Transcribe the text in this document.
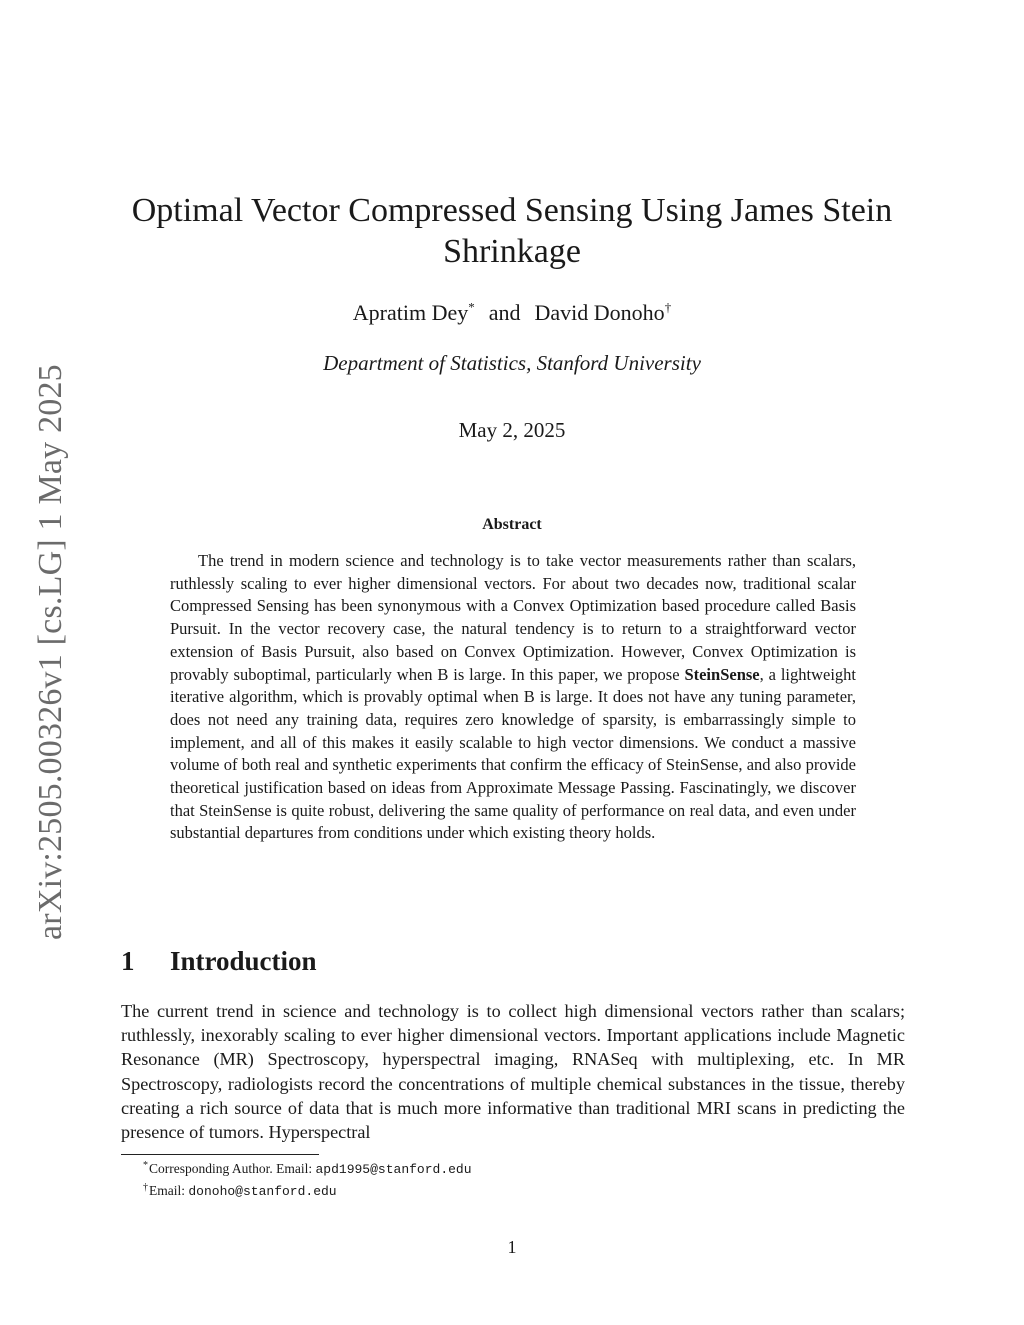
arXiv:2505.00326v1 [cs.LG] 1 May 2025
Optimal Vector Compressed Sensing Using James Stein Shrinkage
Apratim Dey* and David Donoho†
Department of Statistics, Stanford University
May 2, 2025
Abstract

The trend in modern science and technology is to take vector measurements rather than scalars, ruthlessly scaling to ever higher dimensional vectors. For about two decades now, traditional scalar Compressed Sensing has been synonymous with a Convex Optimization based procedure called Basis Pursuit. In the vector recovery case, the natural tendency is to return to a straightforward vector extension of Basis Pursuit, also based on Convex Optimization. However, Convex Optimization is provably suboptimal, particularly when B is large. In this paper, we propose SteinSense, a lightweight iterative algorithm, which is provably optimal when B is large. It does not have any tuning parameter, does not need any training data, requires zero knowledge of sparsity, is embarrassingly simple to implement, and all of this makes it easily scalable to high vector dimensions. We conduct a massive volume of both real and synthetic experiments that confirm the efficacy of SteinSense, and also provide theoretical justification based on ideas from Approximate Message Passing. Fascinatingly, we discover that SteinSense is quite robust, delivering the same quality of performance on real data, and even under substantial departures from conditions under which existing theory holds.

1 Introduction

The current trend in science and technology is to collect high dimensional vectors rather than scalars; ruthlessly, inexorably scaling to ever higher dimensional vectors. Important applications include Magnetic Resonance (MR) Spectroscopy, hyperspectral imaging, RNASeq with multiplexing, etc. In MR Spectroscopy, radiologists record the concentrations of multiple chemical substances in the tissue, thereby creating a rich source of data that is much more informative than traditional MRI scans in predicting the presence of tumors. Hyperspectral

*Corresponding Author. Email: apd1995@stanford.edu
†Email: donoho@stanford.edu
1
